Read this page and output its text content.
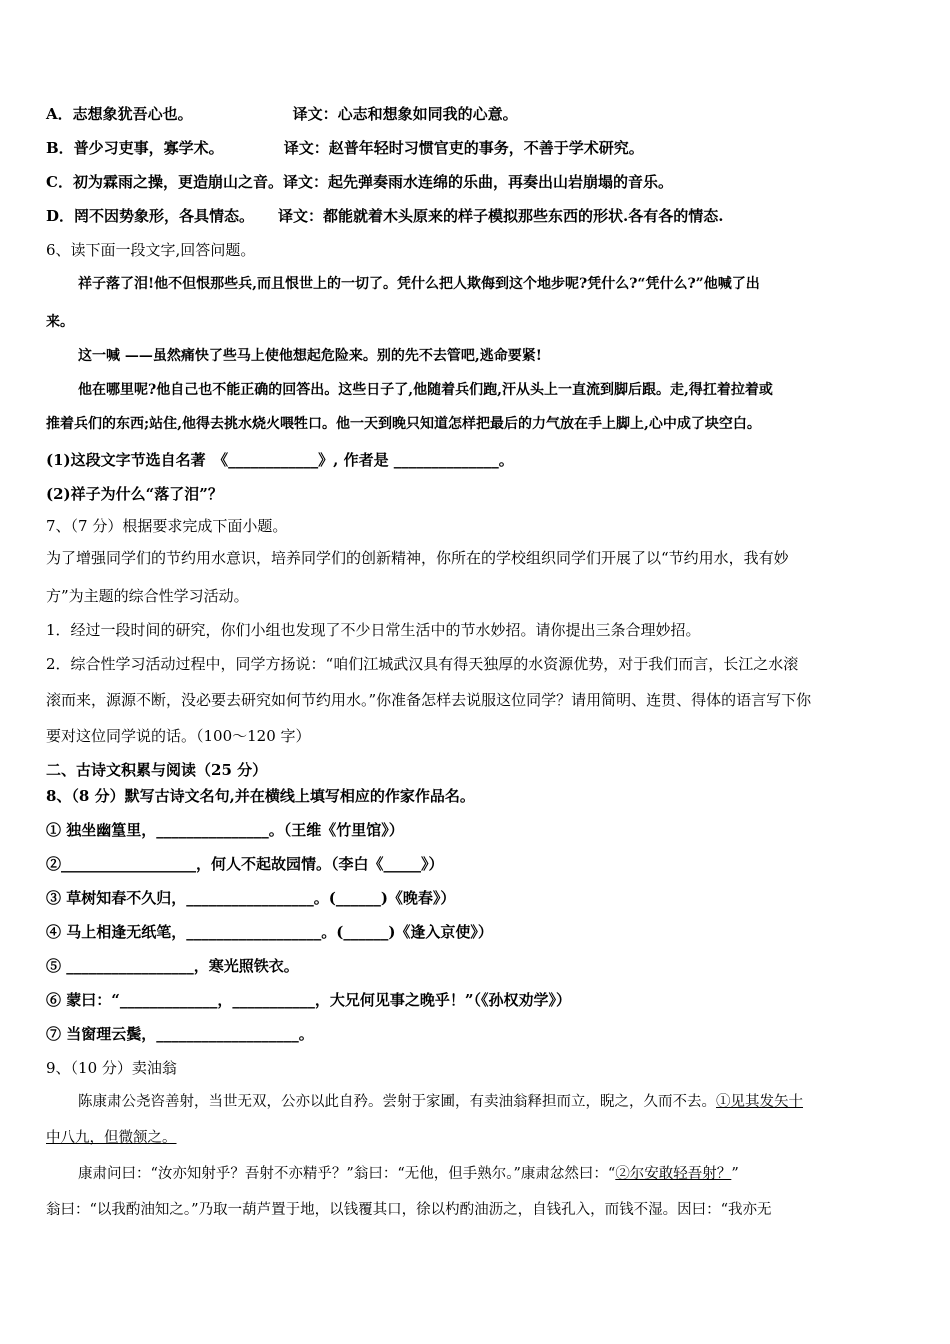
A．志想象犹吾心也。	译文：心志和想象如同我的心意。
B．普少习吏事，寡学术。	译文：赵普年轻时习惯官吏的事务，不善于学术研究。
C．初为霖雨之操，更造崩山之音。译文：起先弹奏雨水连绵的乐曲，再奏出山岩崩塌的音乐。
D．罔不因势象形，各具情态。 译文：都能就着木头原来的样子模拟那些东西的形状.各有各的情态.
6、读下面一段文字,回答问题。
祥子落了泪!他不但恨那些兵,而且恨世上的一切了。凭什么把人欺侮到这个地步呢?凭什么?“凭什么?”他喊了出
来。
这一喊 ——虽然痛快了些马上使他想起危险来。别的先不去管吧,逃命要紧!
他在哪里呢?他自己也不能正确的回答出。这些日子了,他随着兵们跑,汗从头上一直流到脚后跟。走,得扛着拉着或
推着兵们的东西;站住,他得去挑水烧火喂牲口。他一天到晚只知道怎样把最后的力气放在手上脚上,心中成了块空白。
(1)这段文字节选自名著　《____________》, 作者是 ______________。
(2)祥子为什么“落了泪”？
7、（7 分）根据要求完成下面小题。
为了增强同学们的节约用水意识，培养同学们的创新精神，你所在的学校组织同学们开展了以“节约用水，我有妙
方”为主题的综合性学习活动。
1．经过一段时间的研究，你们小组也发现了不少日常生活中的节水妙招。请你提出三条合理妙招。
2．综合性学习活动过程中，同学方扬说：“咱们江城武汉具有得天独厚的水资源优势，对于我们而言，长江之水滚
滚而来，源源不断，没必要去研究如何节约用水。”你准备怎样去说服这位同学？请用简明、连贯、得体的语言写下你
要对这位同学说的话。（100～120 字）
二、古诗文积累与阅读（25 分）
8、（8 分）默写古诗文名句,并在横线上填写相应的作家作品名。
① 独坐幽篁里，_______________。（王维《竹里馆》）
②__________________，何人不起故园情。（李白《_____》）
③ 草树知春不久归，_________________。(______)《晚春》）
④ 马上相逢无纸笔，__________________。(______)《逢入京使》）
⑤ _________________，寒光照铁衣。
⑥ 蒙曰：“_____________，___________，大兄何见事之晚乎！”（《孙权劝学》）
⑦ 当窗理云鬓，___________________。
9、（10 分）卖油翁
陈康肃公尧咨善射，当世无双，公亦以此自矜。尝射于家圃，有卖油翁释担而立，睨之，久而不去。①见其发矢十
中八九，但微颔之。
康肃问曰：“汝亦知射乎？吾射不亦精乎？”翁曰：“无他，但手熟尔。”康肃忿然曰：“②尔安敢轻吾射？”
翁曰：“以我酌油知之。”乃取一葫芦置于地，以钱覆其口，徐以杓酌油沥之，自钱孔入，而钱不湿。因曰：“我亦无
